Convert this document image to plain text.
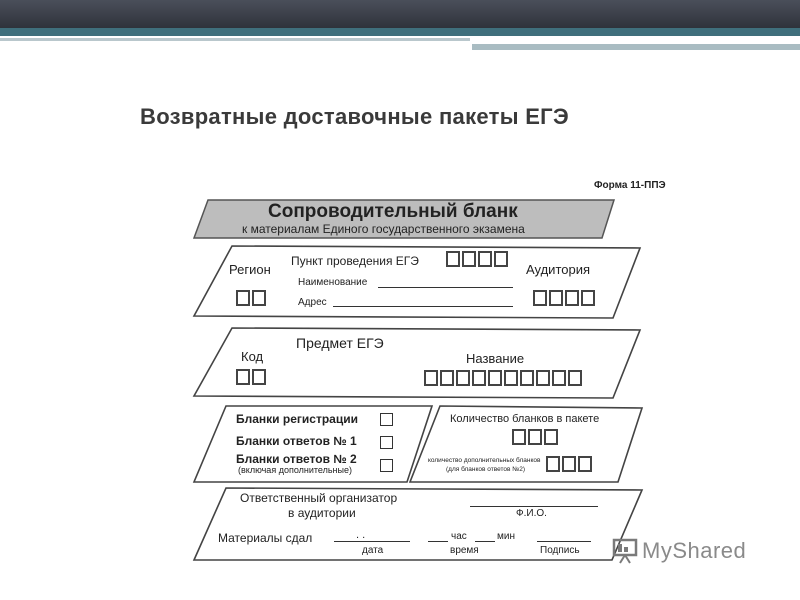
Возвратные доставочные пакеты ЕГЭ
Форма 11-ППЭ
Сопроводительный бланк
к материалам Единого государственного экзамена
Регион
Пункт проведения ЕГЭ
Аудитория
Наименование
Адрес
Предмет ЕГЭ
Код	Название
Бланки регистрации
Бланки ответов № 1
Бланки ответов № 2
(включая дополнительные)
Количество бланков в пакете
количество дополнительных бланков
(для бланков ответов №2)
Ответственный организатор
в аудитории	Ф.И.О.
Материалы сдал	. .	час	мин
дата	время	Подпись	MyShared
